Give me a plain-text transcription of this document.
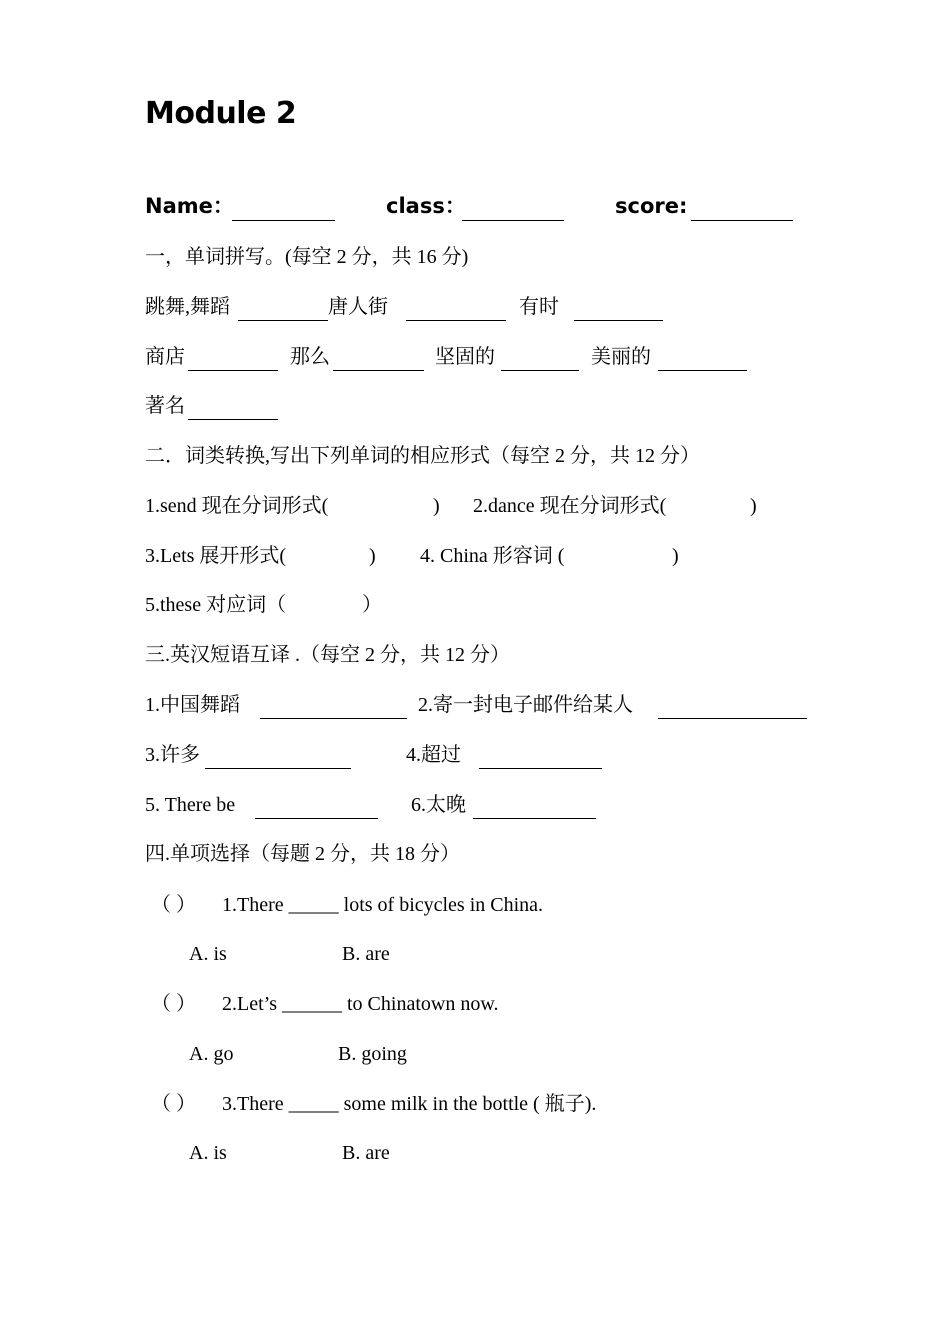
Module 2
Name：	class：	score:
一，单词拼写。(每空 2 分，共 16 分)
跳舞,舞蹈	唐人街	有时
商店	那么	坚固的	美丽的
著名
二．词类转换,写出下列单词的相应形式（每空 2 分，共 12 分）
1.send 现在分词形式(	) 2.dance 现在分词形式(	)
3.Lets 展开形式(	) 4. China 形容词 (	)
5.these 对应词（	）
三.英汉短语互译 .（每空 2 分，共 12 分）
1.中国舞蹈	2.寄一封电子邮件给某人
3.许多	4.超过
5. There be	6.太晚
四.单项选择（每题 2 分，共 18 分）
（ ） 1.There _____ lots of bicycles in China.
A. is	B. are
（ ） 2.Let’s ______ to Chinatown now.
A. go	B. going
（ ） 3.There _____ some milk in the bottle ( 瓶子).
A. is	B. are
